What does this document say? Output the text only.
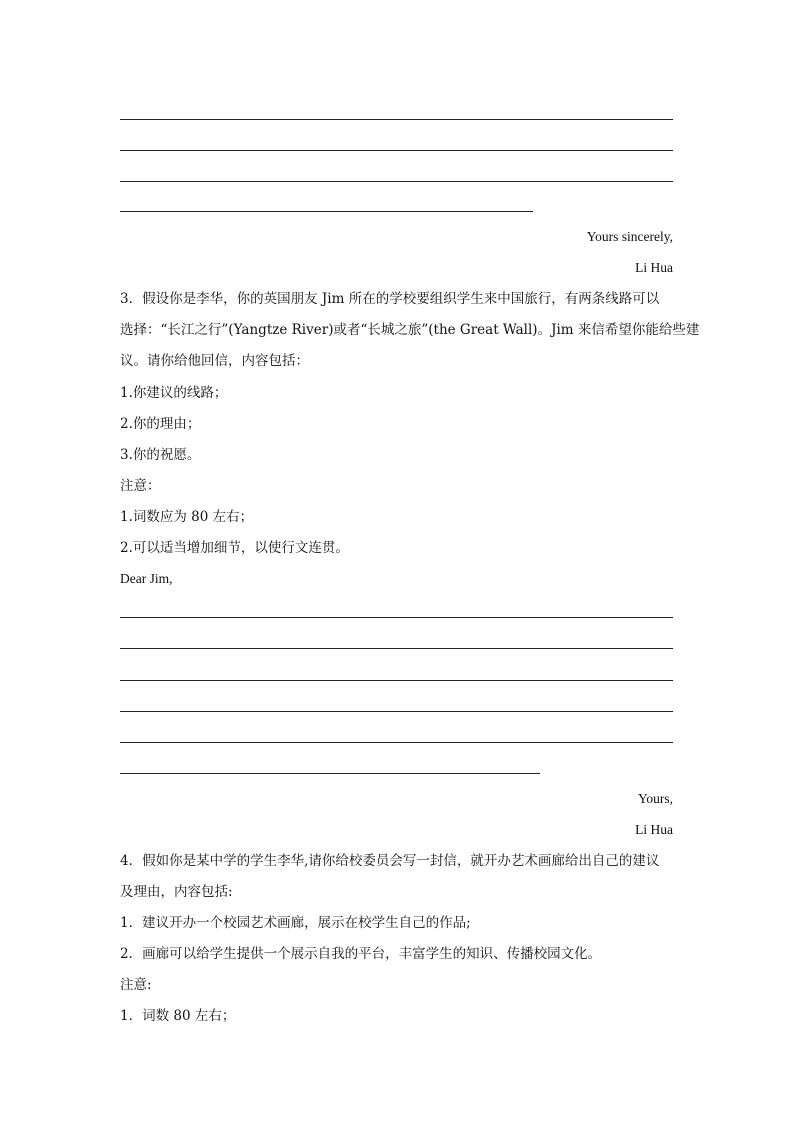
Yours sincerely,
Li Hua
3．假设你是李华，你的英国朋友 Jim 所在的学校要组织学生来中国旅行，有两条线路可以
选择：“长江之行”(Yangtze River)或者“长城之旅”(the Great Wall)。Jim 来信希望你能给些建
议。请你给他回信，内容包括：
1.你建议的线路；
2.你的理由；
3.你的祝愿。
注意：
1.词数应为 80 左右；
2.可以适当增加细节，以使行文连贯。
Dear Jim,
Yours,
Li Hua
4．假如你是某中学的学生李华,请你给校委员会写一封信，就开办艺术画廊给出自己的建议
及理由，内容包括:
1．建议开办一个校园艺术画廊，展示在校学生自己的作品;
2．画廊可以给学生提供一个展示自我的平台，丰富学生的知识、传播校园文化。
注意:
1．词数 80 左右；
